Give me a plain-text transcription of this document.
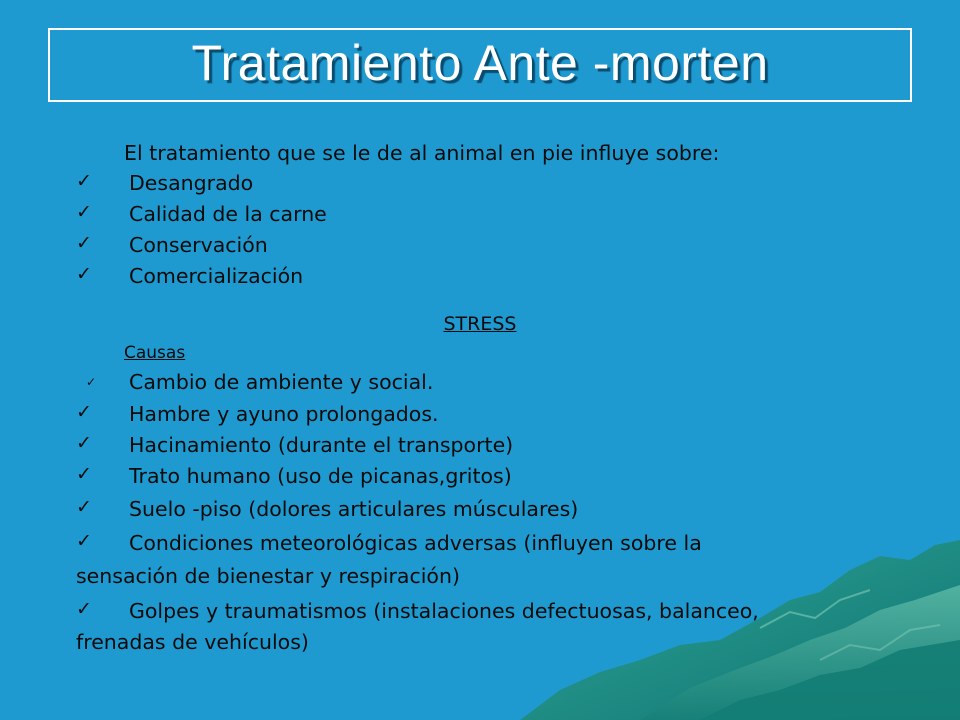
Tratamiento Ante -morten
El tratamiento que se le de al animal en pie influye sobre:
✓ Desangrado
✓ Calidad de la carne
✓ Conservación
✓ Comercialización
STRESS
Causas
✓ Cambio de ambiente y social.
✓ Hambre y ayuno prolongados.
✓ Hacinamiento (durante el transporte)
✓ Trato humano (uso de picanas,gritos)
✓ Suelo -piso (dolores articulares músculares)
✓ Condiciones meteorológicas adversas (influyen sobre la
sensación de bienestar y respiración)
✓ Golpes y traumatismos (instalaciones defectuosas, balanceo,
frenadas de vehículos)
